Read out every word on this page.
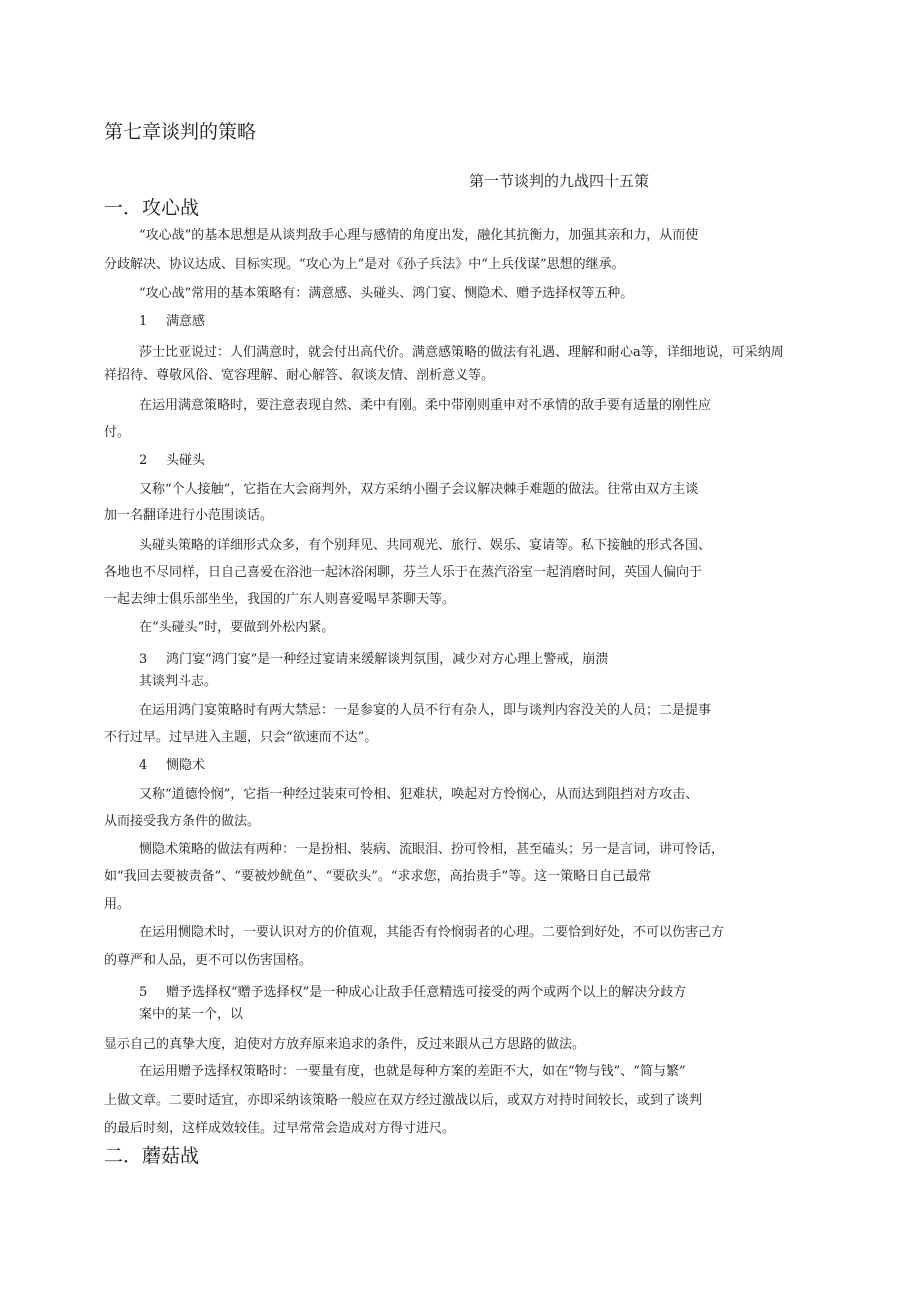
第七章谈判的策略
第一节谈判的九战四十五策
一．攻心战
“攻心战”的基本思想是从谈判敌手心理与感情的角度出发，融化其抗衡力，加强其亲和力，从而使
分歧解决、协议达成、目标实现。“攻心为上”是对《孙子兵法》中“上兵伐谋”思想的继承。
“攻心战”常用的基本策略有：满意感、头碰头、鸿门宴、恻隐术、赠予选择权等五种。
1 满意感
莎士比亚说过：人们满意时，就会付出高代价。满意感策略的做法有礼遇、理解和耐心a等，详细地说，可采纳周
祥招待、尊敬风俗、宽容理解、耐心解答、叙谈友情、剖析意义等。
在运用满意策略时，要注意表现自然、柔中有刚。柔中带刚则重申对不承情的敌手要有适量的刚性应
付。
2 头碰头
又称“个人接触”，它指在大会商判外，双方采纳小圈子会议解决棘手难题的做法。往常由双方主谈
加一名翻译进行小范围谈话。
头碰头策略的详细形式众多，有个别拜见、共同观光、旅行、娱乐、宴请等。私下接触的形式各国、
各地也不尽同样，日自己喜爱在浴池一起沐浴闲聊，芬兰人乐于在蒸汽浴室一起消磨时间，英国人偏向于
一起去绅士俱乐部坐坐，我国的广东人则喜爱喝早茶聊天等。
在“头碰头”时，要做到外松内紧。
3 鸿门宴“鸿门宴”是一种经过宴请来缓解谈判氛围，减少对方心理上警戒，崩溃
其谈判斗志。
在运用鸿门宴策略时有两大禁忌：一是参宴的人员不行有杂人，即与谈判内容没关的人员；二是提事
不行过早。过早进入主题，只会“欲速而不达”。
4 恻隐术
又称“道德怜悯”，它指一种经过装束可怜相、犯难状，唤起对方怜悯心，从而达到阻挡对方攻击、
从而接受我方条件的做法。
恻隐术策略的做法有两种：一是扮相、装病、流眼泪、扮可怜相，甚至磕头；另一是言词，讲可怜话，
如“我回去要被责备”、“要被炒鱿鱼”、“要砍头”。“求求您，高抬贵手”等。这一策略日自己最常
用。
在运用恻隐术时，一要认识对方的价值观，其能否有怜悯弱者的心理。二要恰到好处，不可以伤害己方
的尊严和人品，更不可以伤害国格。
5 赠予选择权“赠予选择权”是一种成心让敌手任意精选可接受的两个或两个以上的解决分歧方
案中的某一个，以
显示自己的真挚大度，迫使对方放弃原来追求的条件，反过来跟从己方思路的做法。
在运用赠予选择权策略时：一要量有度，也就是每种方案的差距不大，如在“物与钱”、“简与繁”
上做文章。二要时适宜，亦即采纳该策略一般应在双方经过激战以后，或双方对持时间较长，或到了谈判
的最后时刻，这样成效较佳。过早常常会造成对方得寸进尺。
二．蘑菇战
